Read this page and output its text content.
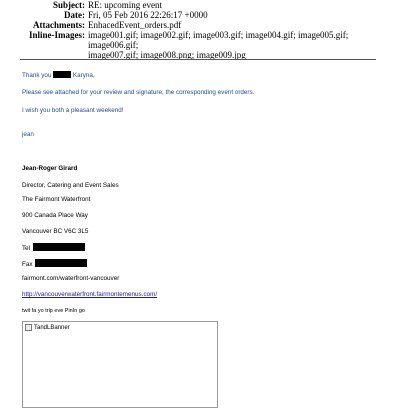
Subject: RE: upcoming event
Date: Fri, 05 Feb 2016 22:26:17 +0000
Attachments: EnhacedEvent_orders.pdf
Inline-Images: image001.gif; image002.gif; image003.gif; image004.gif; image005.gif; image006.gif;
image007.gif; image008.png; image009.jpg
Thank you	Karyna,
Please see attached for your review and signature, the corresponding event orders.
I wish you both a pleasant weekend!
jean
Jean-Roger Girard
Director, Catering and Event Sales
The Fairmont Waterfront
900 Canada Place Way
Vancouver BC V6C 3L5
Tel
Fax
fairmont.com/waterfront-vancouver
http://vancouverwaterfront.fairmontemenus.com/
twit fa yo trip eve PinIn go
TandLBanner
